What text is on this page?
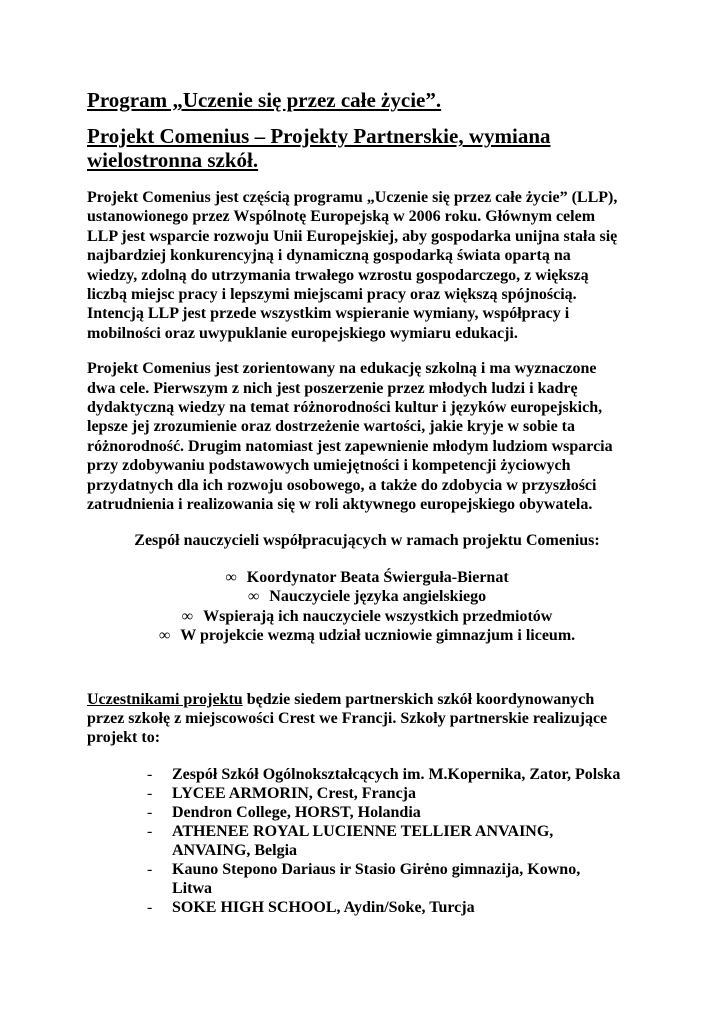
Program „Uczenie się przez całe życie”.
Projekt Comenius – Projekty Partnerskie, wymiana wielostronna szkół.

Projekt Comenius jest częścią programu „Uczenie się przez całe życie” (LLP),

ustanowionego przez Wspólnotę Europejską w 2006 roku. Głównym celem

LLP jest wsparcie rozwoju Unii Europejskiej, aby gospodarka unijna stała się

najbardziej konkurencyjną i dynamiczną gospodarką świata opartą na

wiedzy, zdolną do utrzymania trwałego wzrostu gospodarczego, z większą

liczbą miejsc pracy i lepszymi miejscami pracy oraz większą spójnością.

Intencją LLP jest przede wszystkim wspieranie wymiany, współpracy i

mobilności oraz uwypuklanie europejskiego wymiaru edukacji.

Projekt Comenius jest zorientowany na edukację szkolną i ma wyznaczone

dwa cele. Pierwszym z nich jest poszerzenie przez młodych ludzi i kadrę

dydaktyczną wiedzy na temat różnorodności kultur i języków europejskich,

lepsze jej zrozumienie oraz dostrzeżenie wartości, jakie kryje w sobie ta

różnorodność. Drugim natomiast jest zapewnienie młodym ludziom wsparcia

przy zdobywaniu podstawowych umiejętności i kompetencji życiowych

przydatnych dla ich rozwoju osobowego, a także do zdobycia w przyszłości

zatrudnienia i realizowania się w roli aktywnego europejskiego obywatela.

Zespół nauczycieli współpracujących w ramach projektu Comenius:
∞ Koordynator Beata Świerguła-Biernat
∞ Nauczyciele języka angielskiego
∞ Wspierają ich nauczyciele wszystkich przedmiotów
∞ W projekcie wezmą udział uczniowie gimnazjum i liceum.

Uczestnikami projektu będzie siedem partnerskich szkół koordynowanych

przez szkołę z miejscowości Crest we Francji. Szkoły partnerskie realizujące

projekt to:

- Zespół Szkół Ogólnokształcących im. M.Kopernika, Zator, Polska
- LYCEE ARMORIN, Crest, Francja
- Dendron College, HORST, Holandia
- ATHENEE ROYAL LUCIENNE TELLIER ANVAING,
ANVAING, Belgia
- Kauno Stepono Dariaus ir Stasio Girėno gimnazija, Kowno,
Litwa
- SOKE HIGH SCHOOL, Aydin/Soke, Turcja
